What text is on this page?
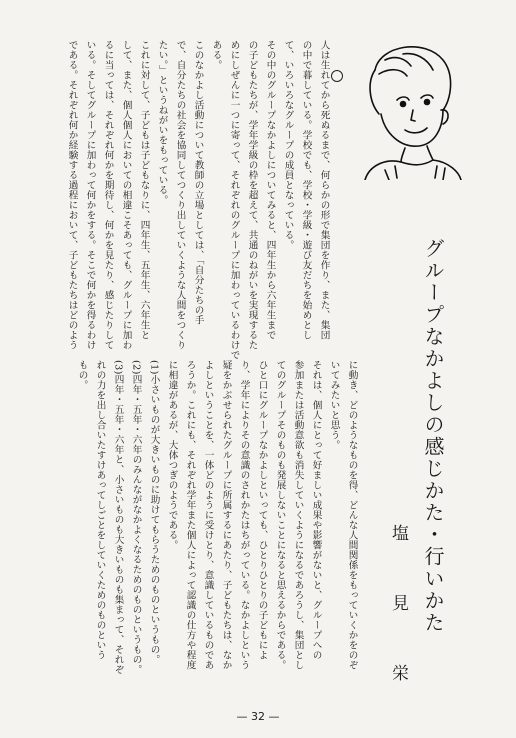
グループなかよしの感じかた・行いかた
塩　見　栄
人は生れてから死ぬるまで、何らかの形で集団を作り、また、集団
の中で暮している。学校でも、学校・学級・遊び友だちを始めとし
て、いろいろなグループの成員となっている。
その中のグループなかよしについてみると、四年生から六年生まで
の子どもたちが、学年学級の枠を超えて、共通のねがいを実現するた
めにしぜんに一つに寄って、それぞれのグループに加わっているわけで
ある。
このなかよし活動について教師の立場としては、「自分たちの手
で、自分たちの社会を協同してつくり出していくような人間をつくり
たい。」というねがいをもっている。
これに対して、子どもは子どもなりに、四年生、五年生、六年生と
して、また、個人個人においての相違こそあっても、グループに加わ
るに当っては、それぞれ何かを期待し、何かを見たり、感じたりして
いる。そしてグループに加わって何かをする。そこで何かを得るわけ
である。それぞれ何か経験する過程において、子どもたちはどのよう
に動き、どのようなものを得、どんな人間関係をもっていくかをのぞ
いてみたいと思う。
それは、個人にとって好ましい成果や影響がないと、グループへの
参加または活動意欲も消失していくようになるであろうし、集団とし
てのグループそのものも発展しないことになると思えるからである。
ひと口にグループなかよしといっても、ひとりひとりの子どもによ
り、学年によりその意識のされかたはちがっている。なかよしという
疑をかぶせられたグループに所属するにあたり、子どもたちは、なか
よしということを、一体どのように受けとり、意識しているものであ
ろうか。これにも、それぞれ学年また個人によって認識の仕方や程度
に相違があるが、大体つぎのようである。
(1)小さいものが大きいものに助けてもらうためのものというもの。
(2)四年・五年・六年のみんながなかよくなるためのものというもの。
(3)四年・五年・六年と、小さいものも大きいものも集まって、それぞ
れの力を出し合いたすけあってしごとをしていくためのものという
もの。
— 32 —
